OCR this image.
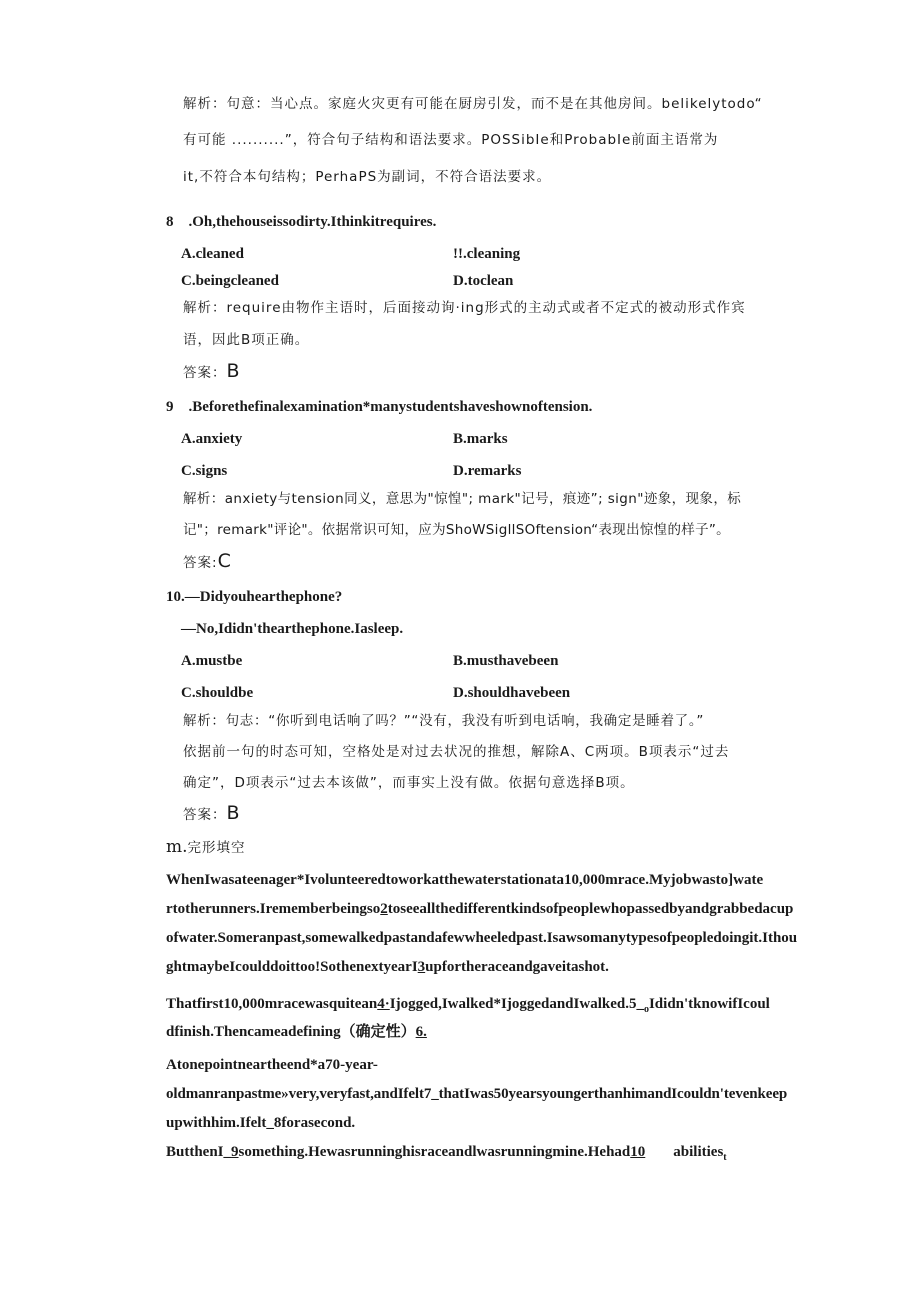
解析：句意：当心点。家庭火灾更有可能在厨房引发，而不是在其他房间。belikelytodo“
有可能 ..........”，符合句子结构和语法要求。POSSibIe和ProbabIe前面主语常为
it,不符合本句结构；PerhaPS为副词，不符合语法要求。
8　.Oh,thehouseissodirty.Ithinkitrequires.
A.cleaned	!!.cleaning
C.beingcleaned	D.toclean
解析：require由物作主语时，后面接动询·ing形式的主动式或者不定式的被动形式作宾
语，因此B项正确。
答案：B
9　.Beforethefinalexamination*manystudentshaveshownoftension.
A.anxiety	B.marks
C.signs	D.remarks
解析：anxiety与tension同义，意思为"惊惶"; mark"记号，痕迹”; sign"迹象，现象，标
记"；remark"评论"。依据常识可知，应为ShoWSigllSOftension“表现出惊惶的样子”。
答案:C
10.—Didyouhearthephone?
—No,Ididn'thearthephone.Iasleep.
A.mustbe	B.musthavebeen
C.shouldbe	D.shouldhavebeen
解析：句志：“你听到电话响了吗？”“没有，我没有听到电话响，我确定是睡着了。”
依据前一句的时态可知，空格处是对过去状况的推想，解除A、C两项。B项表示“过去
确定”，D项表示“过去本该做”，而事实上没有做。依据句意选择B项。
答案：B
m.完形填空
WhenIwasateenager*Ivolunteeredtoworkatthewaterstationata10,000mrace.Myjobwasto]wate
rtotherunners.Irememberbeingso2toseeallthedifferentkindsofpeoplewhopassedbyandgrabbedacup
ofwater.Someranpast,somewalkedpastandafewwheeledpast.Isawsomanytypesofpeopledoingit.Ithou
ghtmaybeIcoulddoittoo!SothenextyearI3upfortheraceandgaveitashot.
$Thatfirst10,000mracewasquitean4\cdot Ijogged,Iwalked*IjoggedandIwalked.5\__oIdidn'tknowifIcoul$
dfinish.Thencameadefining（确定性）6.
Atonepointneartheend*a70-year-
oldmanranpastme»very,veryfast,andIfelt7_thatIwas50yearsyoungerthanhimandIcouldn'tevenkeep
upwithhim.Ifelt_8forasecond.
ButthenI_9something.Hewasrunninghisraceandlwasrunningmine.Hehad10 abilities$_t$
